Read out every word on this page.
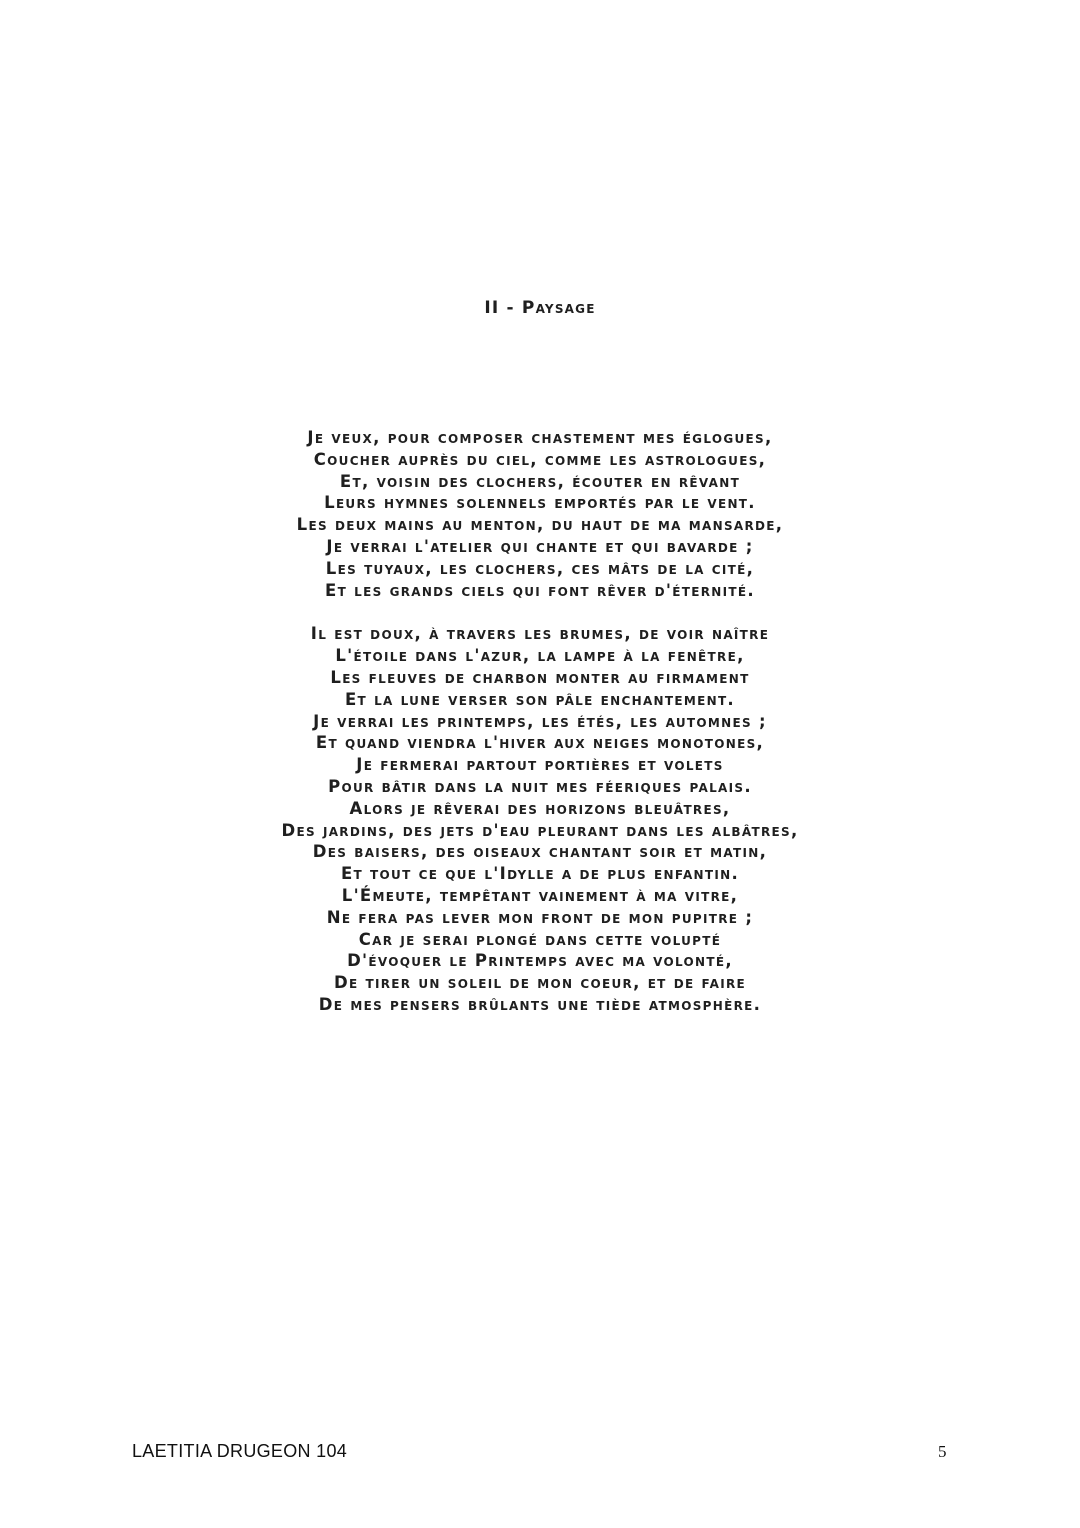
II - Paysage
Je veux, pour composer chastement mes églogues,
Coucher auprès du ciel, comme les astrologues,
Et, voisin des clochers, écouter en rêvant
Leurs hymnes solennels emportés par le vent.
Les deux mains au menton, du haut de ma mansarde,
Je verrai l'atelier qui chante et qui bavarde ;
Les tuyaux, les clochers, ces mâts de la cité,
Et les grands ciels qui font rêver d'éternité.
Il est doux, à travers les brumes, de voir naître
L'étoile dans l'azur, la lampe à la fenêtre,
Les fleuves de charbon monter au firmament
Et la lune verser son pâle enchantement.
Je verrai les printemps, les étés, les automnes ;
Et quand viendra l'hiver aux neiges monotones,
Je fermerai partout portières et volets
Pour bâtir dans la nuit mes féeriques palais.
Alors je rêverai des horizons bleuâtres,
Des jardins, des jets d'eau pleurant dans les albâtres,
Des baisers, des oiseaux chantant soir et matin,
Et tout ce que l'Idylle a de plus enfantin.
L'Émeute, tempêtant vainement à ma vitre,
Ne fera pas lever mon front de mon pupitre ;
Car je serai plongé dans cette volupté
D'évoquer le Printemps avec ma volonté,
De tirer un soleil de mon coeur, et de faire
De mes pensers brûlants une tiède atmosphère.
LAETITIA DRUGEON 104	5
